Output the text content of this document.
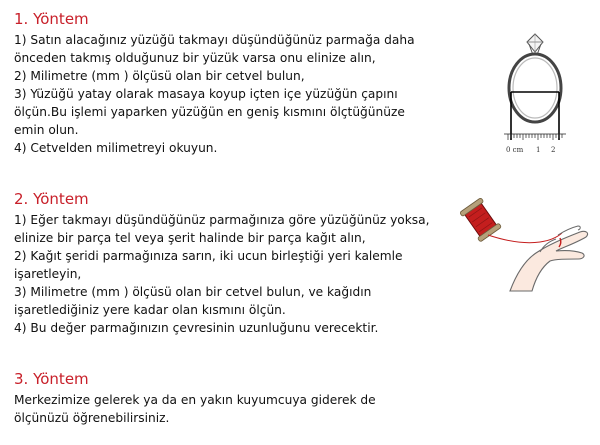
1. Yöntem
1) Satın alacağınız yüzüğü takmayı düşündüğünüz parmağa daha
önceden takmış olduğunuz bir yüzük varsa onu elinize alın,
2) Milimetre (mm ) ölçüsü olan bir cetvel bulun,
3) Yüzüğü yatay olarak masaya koyup içten içe yüzüğün çapını
ölçün.Bu işlemi yaparken yüzüğün en geniş kısmını ölçtüğünüze
emin olun.
4) Cetvelden milimetreyi okuyun.	0 cm 1 2
2. Yöntem
1) Eğer takmayı düşündüğünüz parmağınıza göre yüzüğünüz yoksa,
elinize bir parça tel veya şerit halinde bir parça kağıt alın,
2) Kağıt şeridi parmağınıza sarın, iki ucun birleştiği yeri kalemle
işaretleyin,
3) Milimetre (mm ) ölçüsü olan bir cetvel bulun, ve kağıdın
işaretlediğiniz yere kadar olan kısmını ölçün.
4) Bu değer parmağınızın çevresinin uzunluğunu verecektir.
3. Yöntem
Merkezimize gelerek ya da en yakın kuyumcuya giderek de
ölçünüzü öğrenebilirsiniz.
